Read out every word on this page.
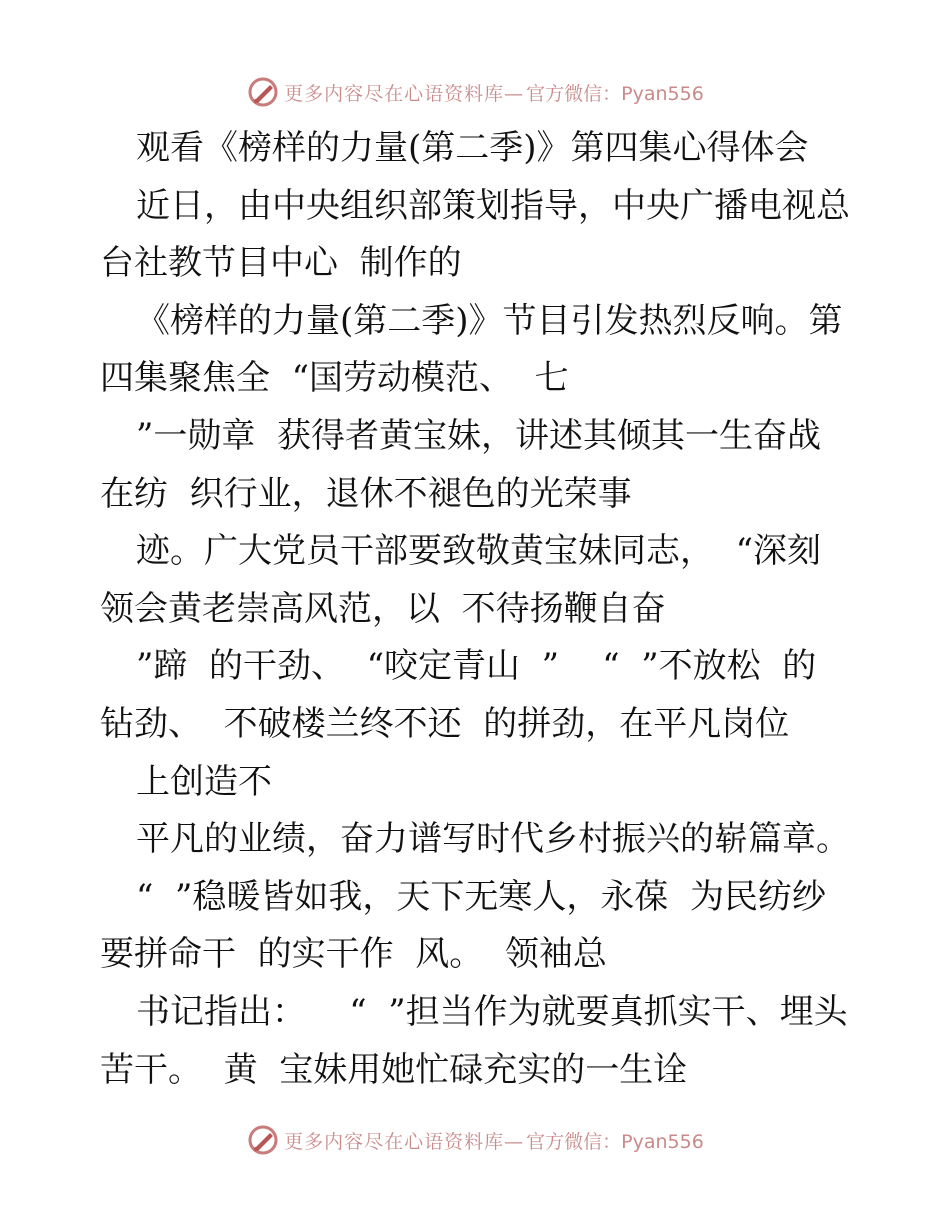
更多内容尽在心语资料库— 官方微信：Pyan556
观看《榜样的力量(第二季)》第四集心得体会
近日，由中央组织部策划指导，中央广播电视总
台社教节目中心  制作的
《榜样的力量(第二季)》节目引发热烈反响。第
四集聚焦全  “国劳动模范、  七
”一勋章  获得者黄宝妹，讲述其倾其一生奋战
在纺  织行业，退休不褪色的光荣事
迹。广大党员干部要致敬黄宝妹同志，  “深刻
领会黄老崇高风范，以  不待扬鞭自奋
”蹄  的干劲、  “咬定青山  ”    “  ”不放松  的
钻劲、  不破楼兰终不还  的拼劲，在平凡岗位
上创造不
平凡的业绩，奋力谱写时代乡村振兴的崭篇章。
“  ”稳暖皆如我，天下无寒人，永葆  为民纺纱
要拼命干  的实干作  风。  领袖总
书记指出：    “  ”担当作为就要真抓实干、埋头
苦干。  黄  宝妹用她忙碌充实的一生诠
更多内容尽在心语资料库— 官方微信：Pyan556
